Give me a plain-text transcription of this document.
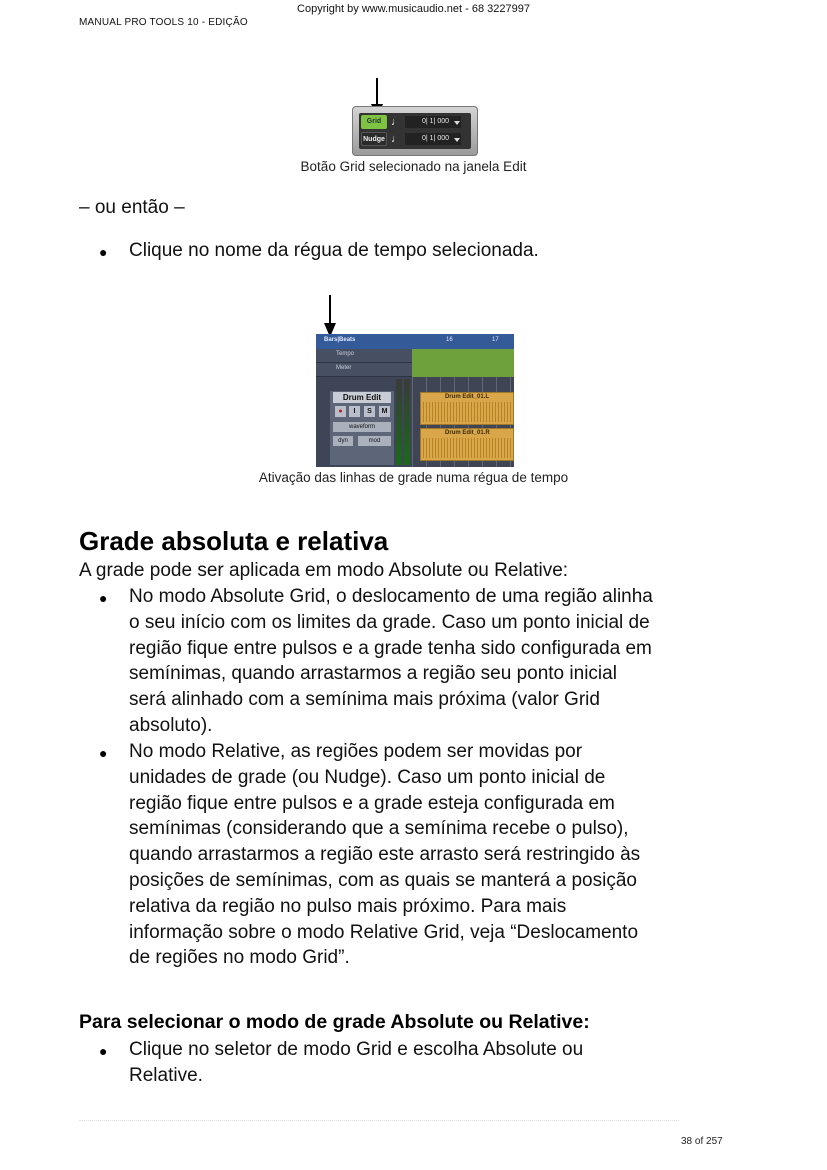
Copyright by www.musicaudio.net - 68 3227997
MANUAL PRO TOOLS 10 - EDIÇÃO
Grid ♩	0| 1| 000
Nudge ♩	0| 1| 000
Botão Grid selecionado na janela Edit
– ou então –
● Clique no nome da régua de tempo selecionada.
Bars|Beats	16	17
Tempo
Meter
Drum Edit
●	I	S	M
waveform
dyn	mod
Drum Edit_01.L
Drum Edit_01.R
Ativação das linhas de grade numa régua de tempo
Grade absoluta e relativa
A grade pode ser aplicada em modo Absolute ou Relative:
● No modo Absolute Grid, o deslocamento de uma região alinha
o seu início com os limites da grade. Caso um ponto inicial de
região fique entre pulsos e a grade tenha sido configurada em
semínimas, quando arrastarmos a região seu ponto inicial
será alinhado com a semínima mais próxima (valor Grid
absoluto).
● No modo Relative, as regiões podem ser movidas por
unidades de grade (ou Nudge). Caso um ponto inicial de
região fique entre pulsos e a grade esteja configurada em
semínimas (considerando que a semínima recebe o pulso),
quando arrastarmos a região este arrasto será restringido às
posições de semínimas, com as quais se manterá a posição
relativa da região no pulso mais próximo. Para mais
informação sobre o modo Relative Grid, veja “Deslocamento
de regiões no modo Grid”.
Para selecionar o modo de grade Absolute ou Relative:
● Clique no seletor de modo Grid e escolha Absolute ou
Relative.
38 of 257
